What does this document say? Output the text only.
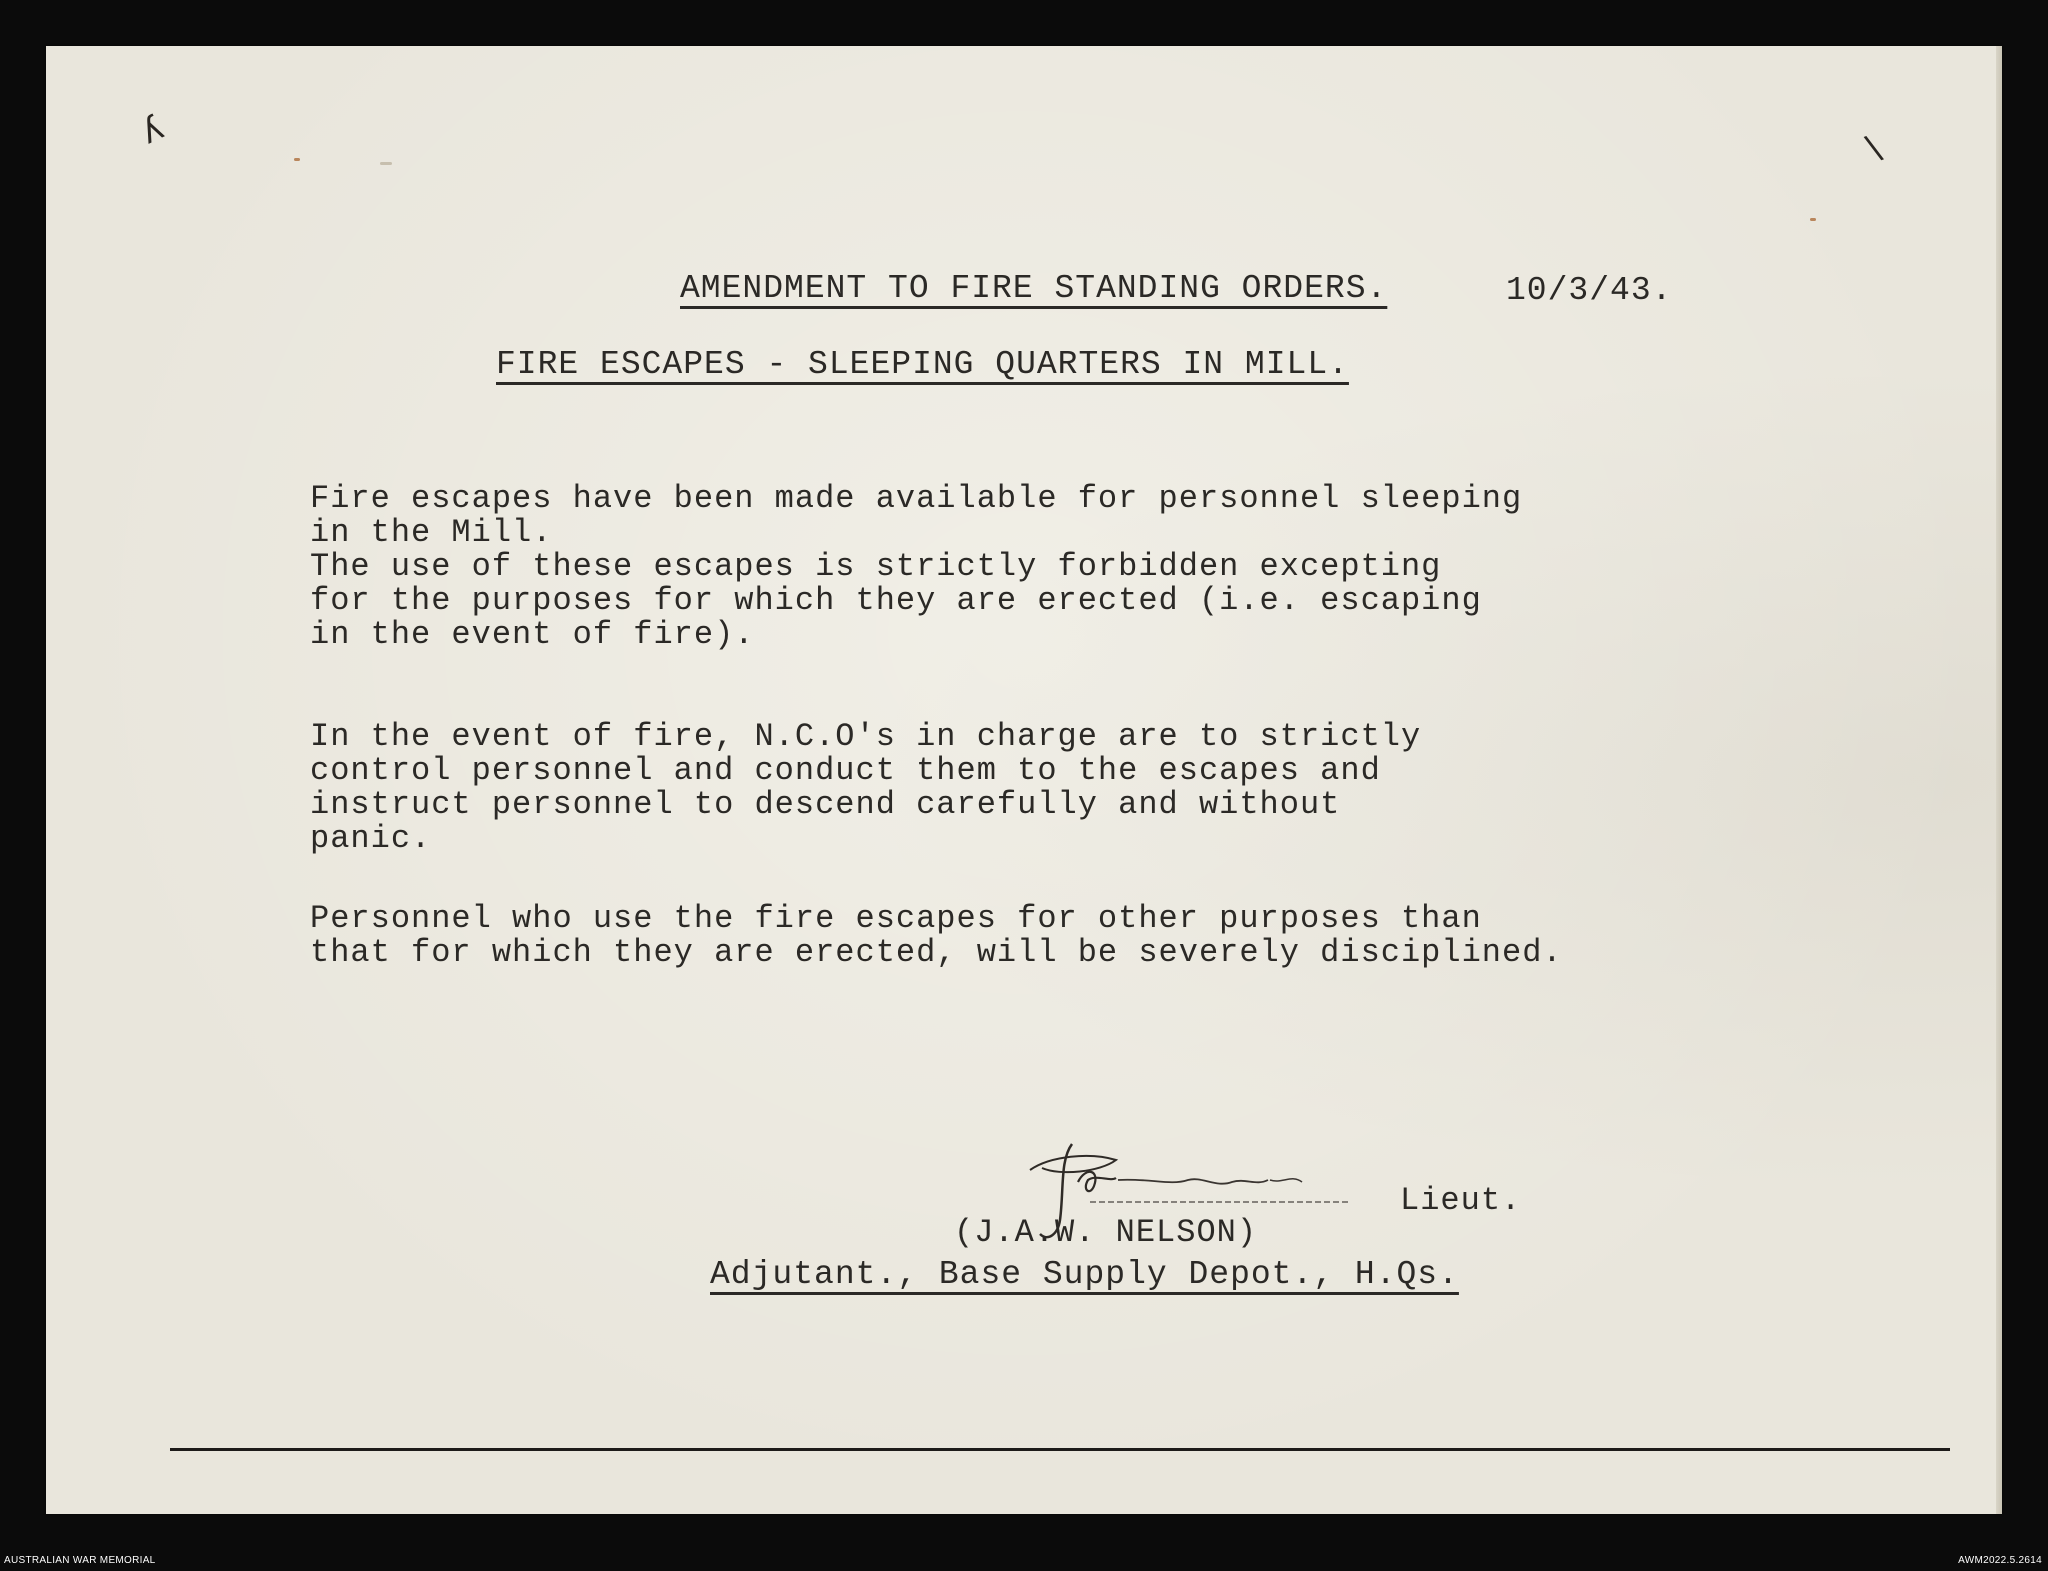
ʎ	\
AMENDMENT TO FIRE STANDING ORDERS.	10/3/43.
FIRE ESCAPES - SLEEPING QUARTERS IN MILL.
Fire escapes have been made available for personnel sleeping
in the Mill.
The use of these escapes is strictly forbidden excepting
for the purposes for which they are erected (i.e. escaping
in the event of fire).
In the event of fire, N.C.O's in charge are to strictly
control personnel and conduct them to the escapes and
instruct personnel to descend carefully and without
panic.
Personnel who use the fire escapes for other purposes than
that for which they are erected, will be severely disciplined.
Lieut.
(J.A.W. NELSON)
Adjutant., Base Supply Depot., H.Qs.
AUSTRALIAN WAR MEMORIAL	AWM2022.5.2614
